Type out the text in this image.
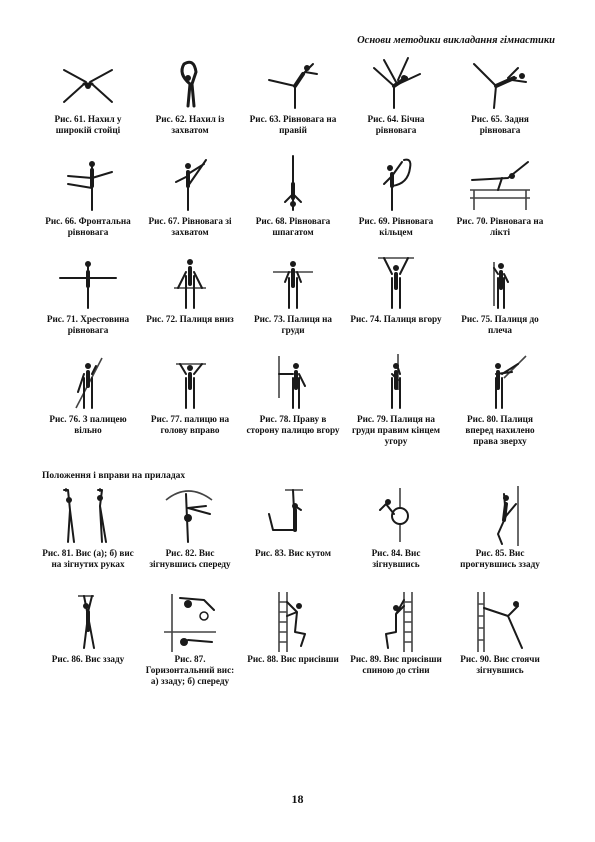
Основи методики викладання гімнастики
Рис. 61. Нахил у широкій стойці
Рис. 62. Нахил із захватом
Рис. 63. Рівновага на правій
Рис. 64. Бічна рівновага
Рис. 65. Задня рівновага
Рис. 66. Фронтальна рівновага
Рис. 67. Рівновага зі захватом
Рис. 68. Рівновага шпагатом
Рис. 69. Рівновага кільцем
Рис. 70. Рівновага на лікті
Рис. 71. Хрестовина рівновага
Рис. 72. Палиця вниз	Рис. 73. Палиця на груди
Рис. 74. Палиця вгору	Рис. 75. Палиця до плеча
Рис. 76. З палицею вільно
Рис. 77. палицю на голову вправо
Рис. 78. Праву в сторону палицю вгору
Рис. 79. Палиця на груди правим кінцем угору
Рис. 80. Палиця вперед нахилено права зверху
Положення і вправи на приладах
Рис. 81. Вис (а); б) вис на зігнутих руках
Рис. 82. Вис зігнувшись спереду
Рис. 83. Вис кутом	Рис. 84. Вис зігнувшись
Рис. 85. Вис прогнувшись ззаду
Рис. 86. Вис ззаду	Рис. 87. Горизонтальний вис: а) ззаду; б) спереду
Рис. 88. Вис присівши Рис. 89. Вис присівши спиною до стіни
Рис. 90. Вис стоячи зігнувшись
18
